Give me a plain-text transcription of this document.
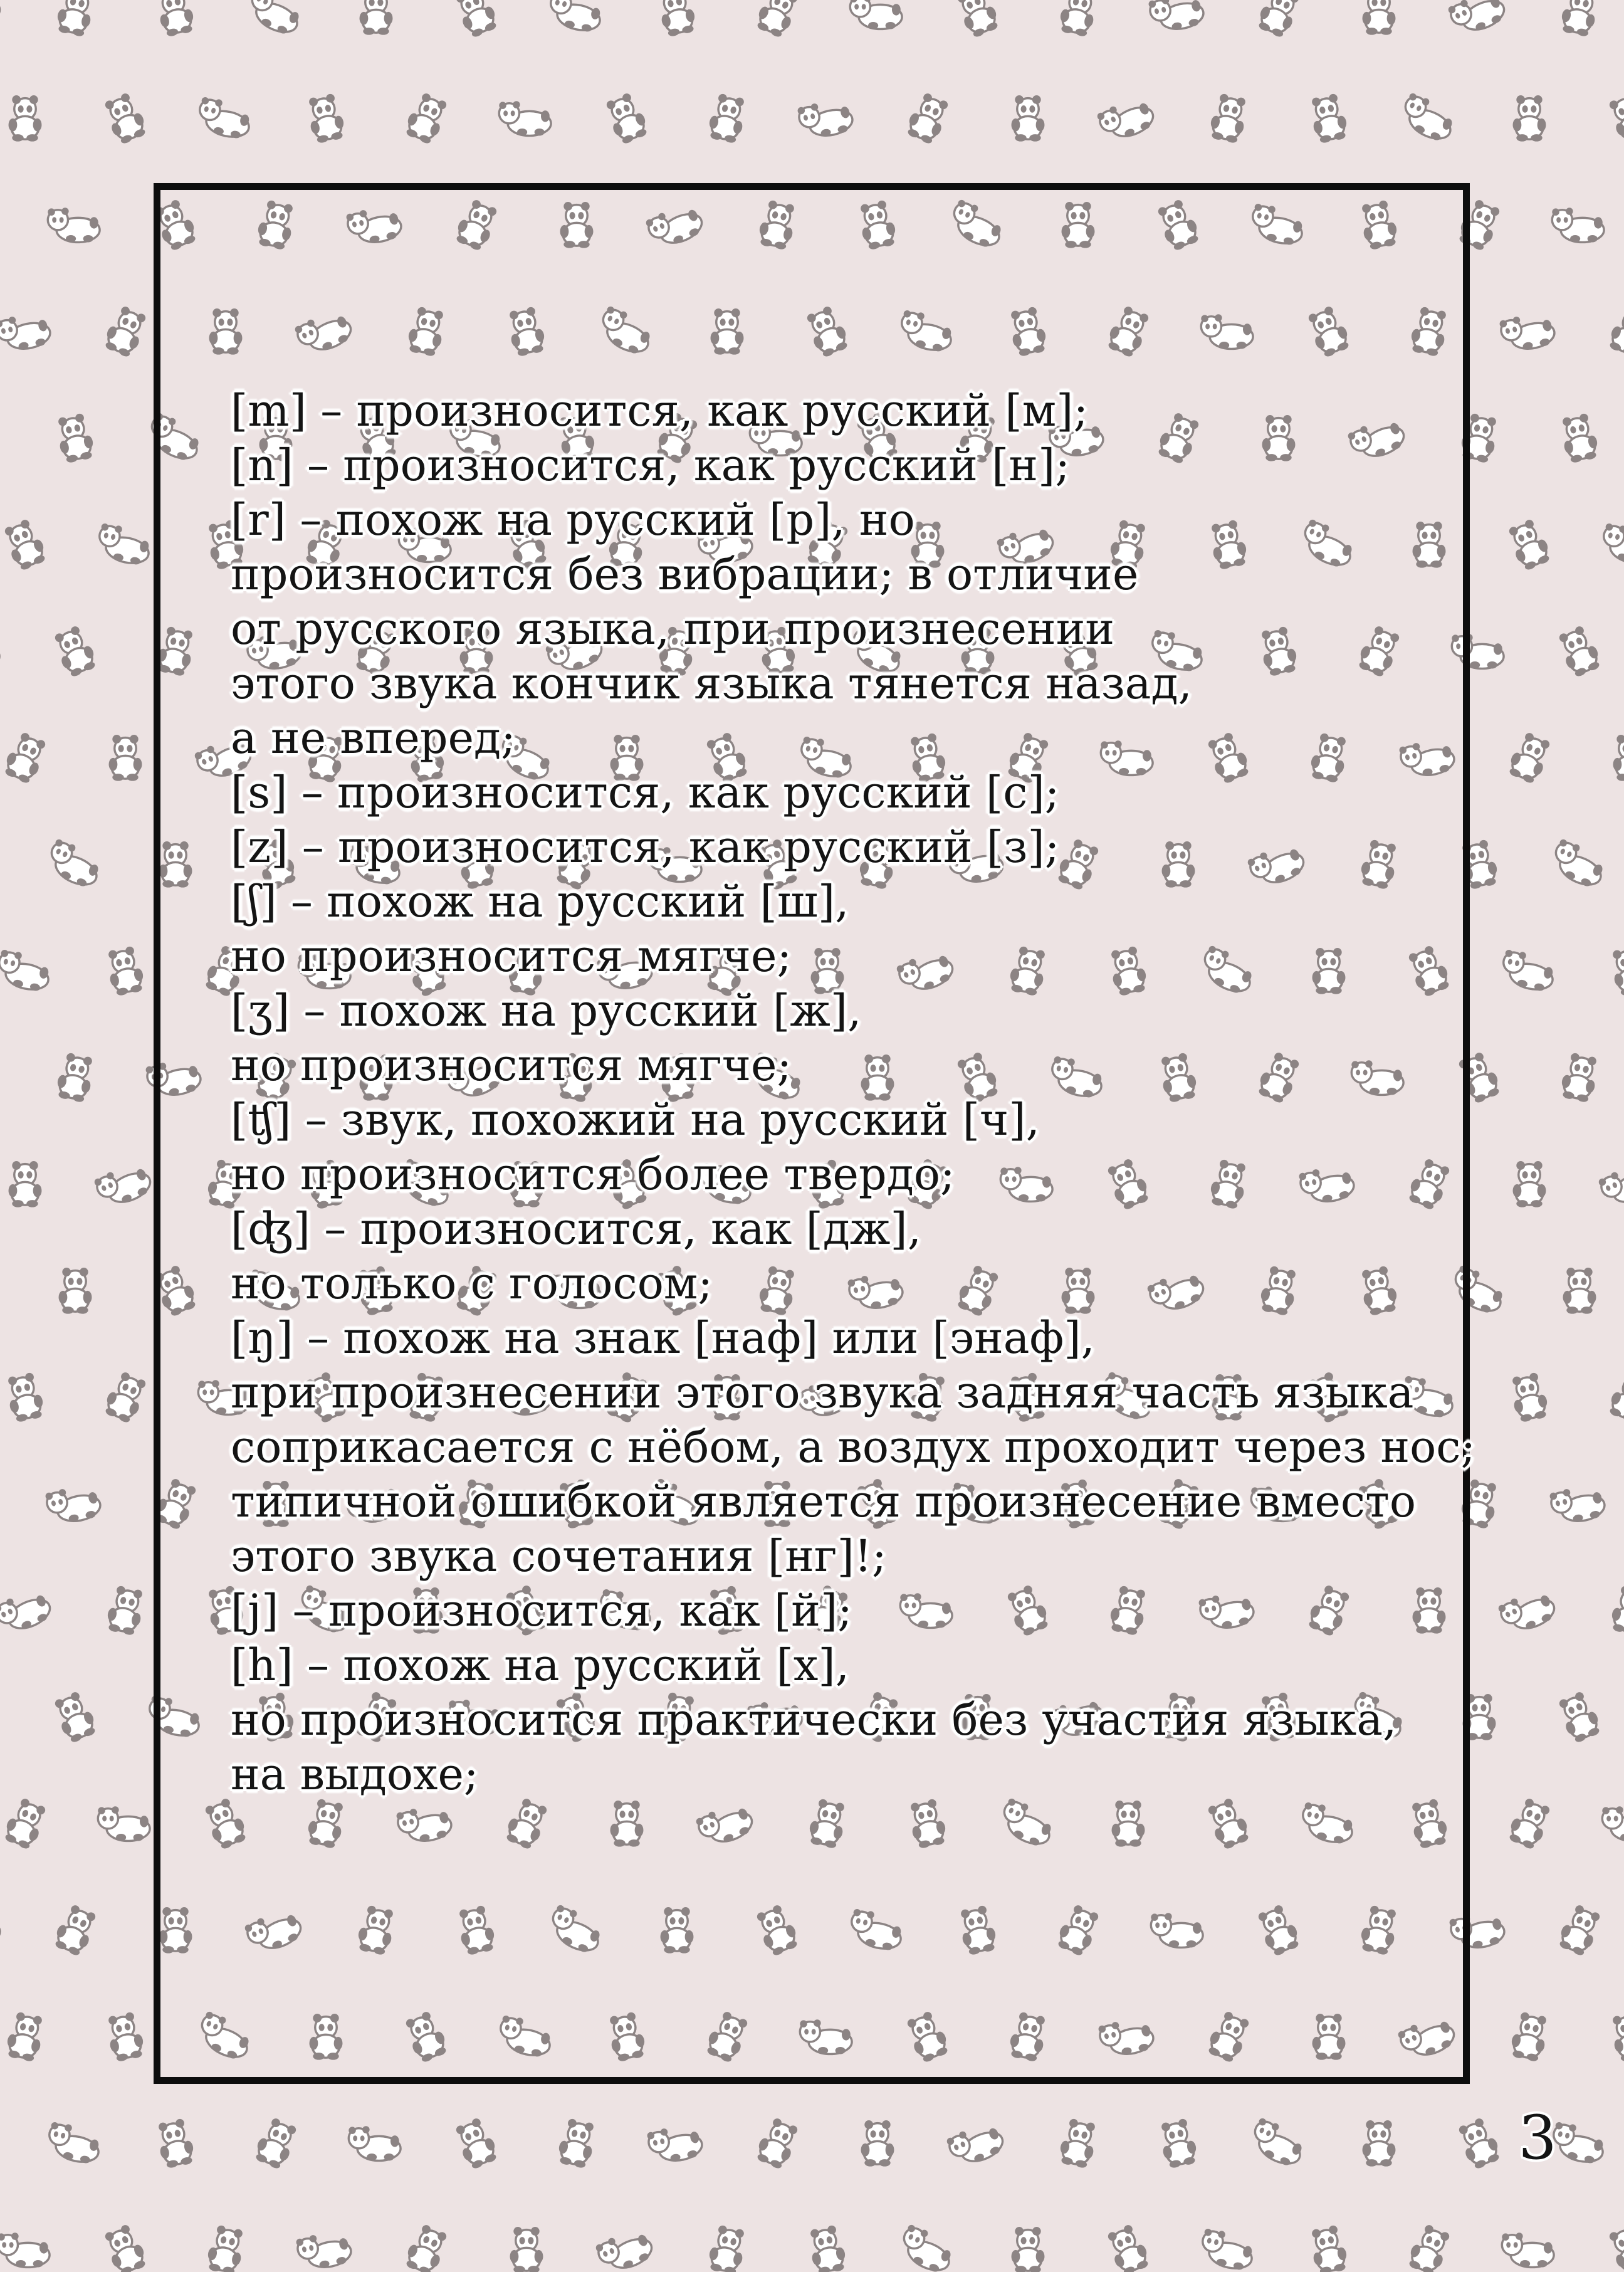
[m] – произносится, как русский [м];
[n] – произносится, как русский [н];
[r] – похож на русский [р], но
произносится без вибрации; в отличие
от русского языка, при произнесении
этого звука кончик языка тянется назад,
а не вперед;
[s] – произносится, как русский [с];
[z] – произносится, как русский [з];
[ʃ] – похож на русский [ш],
но произносится мягче;
[ʒ] – похож на русский [ж],
но произносится мягче;
[ʧ] – звук, похожий на русский [ч],
но произносится более твердо;
[ʤ] – произносится, как [дж],
но только с голосом;
[ŋ] – похож на знак [наф] или [энаф],
при произнесении этого звука задняя часть языка
соприкасается с нёбом, а воздух проходит через нос;
типичной ошибкой является произнесение вместо
этого звука сочетания [нг]!;
[j] – произносится, как [й];
[h] – похож на русский [х],
но произносится практически без участия языка,
на выдохе;
3
